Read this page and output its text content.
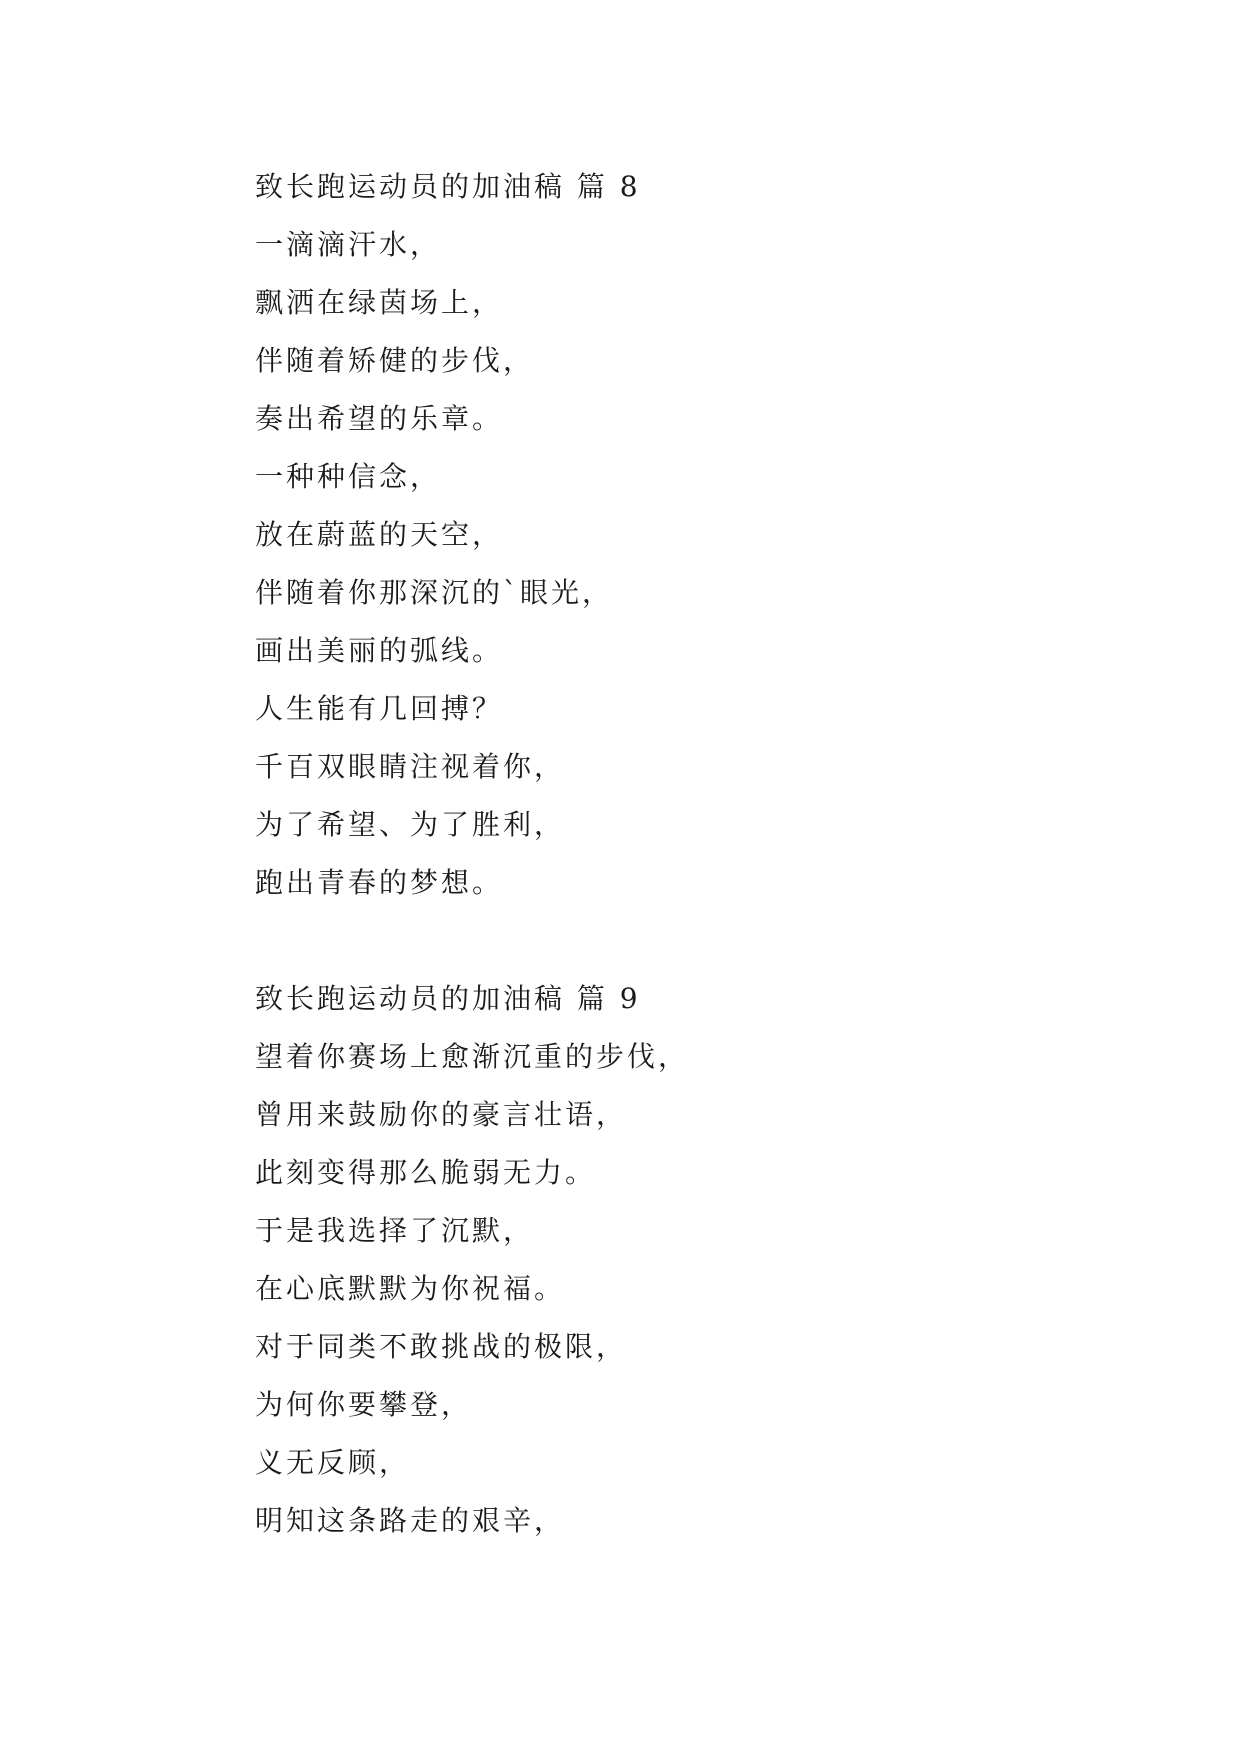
致长跑运动员的加油稿 篇 8

一滴滴汗水，

飘洒在绿茵场上，

伴随着矫健的步伐，

奏出希望的乐章。

一种种信念，

放在蔚蓝的天空，

伴随着你那深沉的`眼光，

画出美丽的弧线。

人生能有几回搏？

千百双眼睛注视着你，

为了希望、为了胜利，

跑出青春的梦想。

致长跑运动员的加油稿 篇 9

望着你赛场上愈渐沉重的步伐，

曾用来鼓励你的豪言壮语，

此刻变得那么脆弱无力。

于是我选择了沉默，

在心底默默为你祝福。

对于同类不敢挑战的极限，

为何你要攀登，

义无反顾，

明知这条路走的艰辛，
